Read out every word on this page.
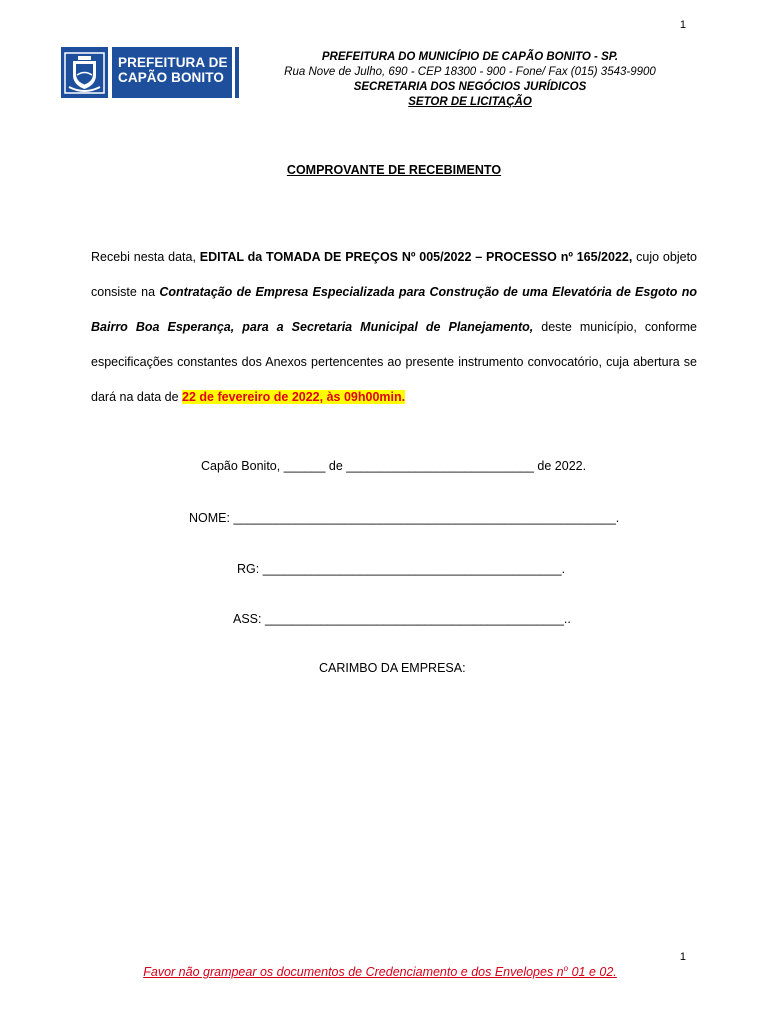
1
PREFEITURA DE
CAPÃO BONITO
PREFEITURA DO MUNICÍPIO DE CAPÃO BONITO - SP.
Rua Nove de Julho, 690 - CEP 18300 - 900 - Fone/ Fax (015) 3543-9900
SECRETARIA DOS NEGÓCIOS JURÍDICOS
SETOR DE LICITAÇÃO
COMPROVANTE DE RECEBIMENTO
Recebi nesta data, EDITAL da TOMADA DE PREÇOS Nº 005/2022 – PROCESSO nº 165/2022, cujo objeto consiste na Contratação de Empresa Especializada para Construção de uma Elevatória de Esgoto no Bairro Boa Esperança, para a Secretaria Municipal de Planejamento, deste município, conforme especificações constantes dos Anexos pertencentes ao presente instrumento convocatório, cuja abertura se dará na data de 22 de fevereiro de 2022, às 09h00min.
Capão Bonito, ______ de ___________________________ de 2022.
NOME: _______________________________________________________.
RG: ___________________________________________.
ASS: ___________________________________________..
CARIMBO DA EMPRESA:
1
Favor não grampear os documentos de Credenciamento e dos Envelopes $n^o$ 01 e 02.
